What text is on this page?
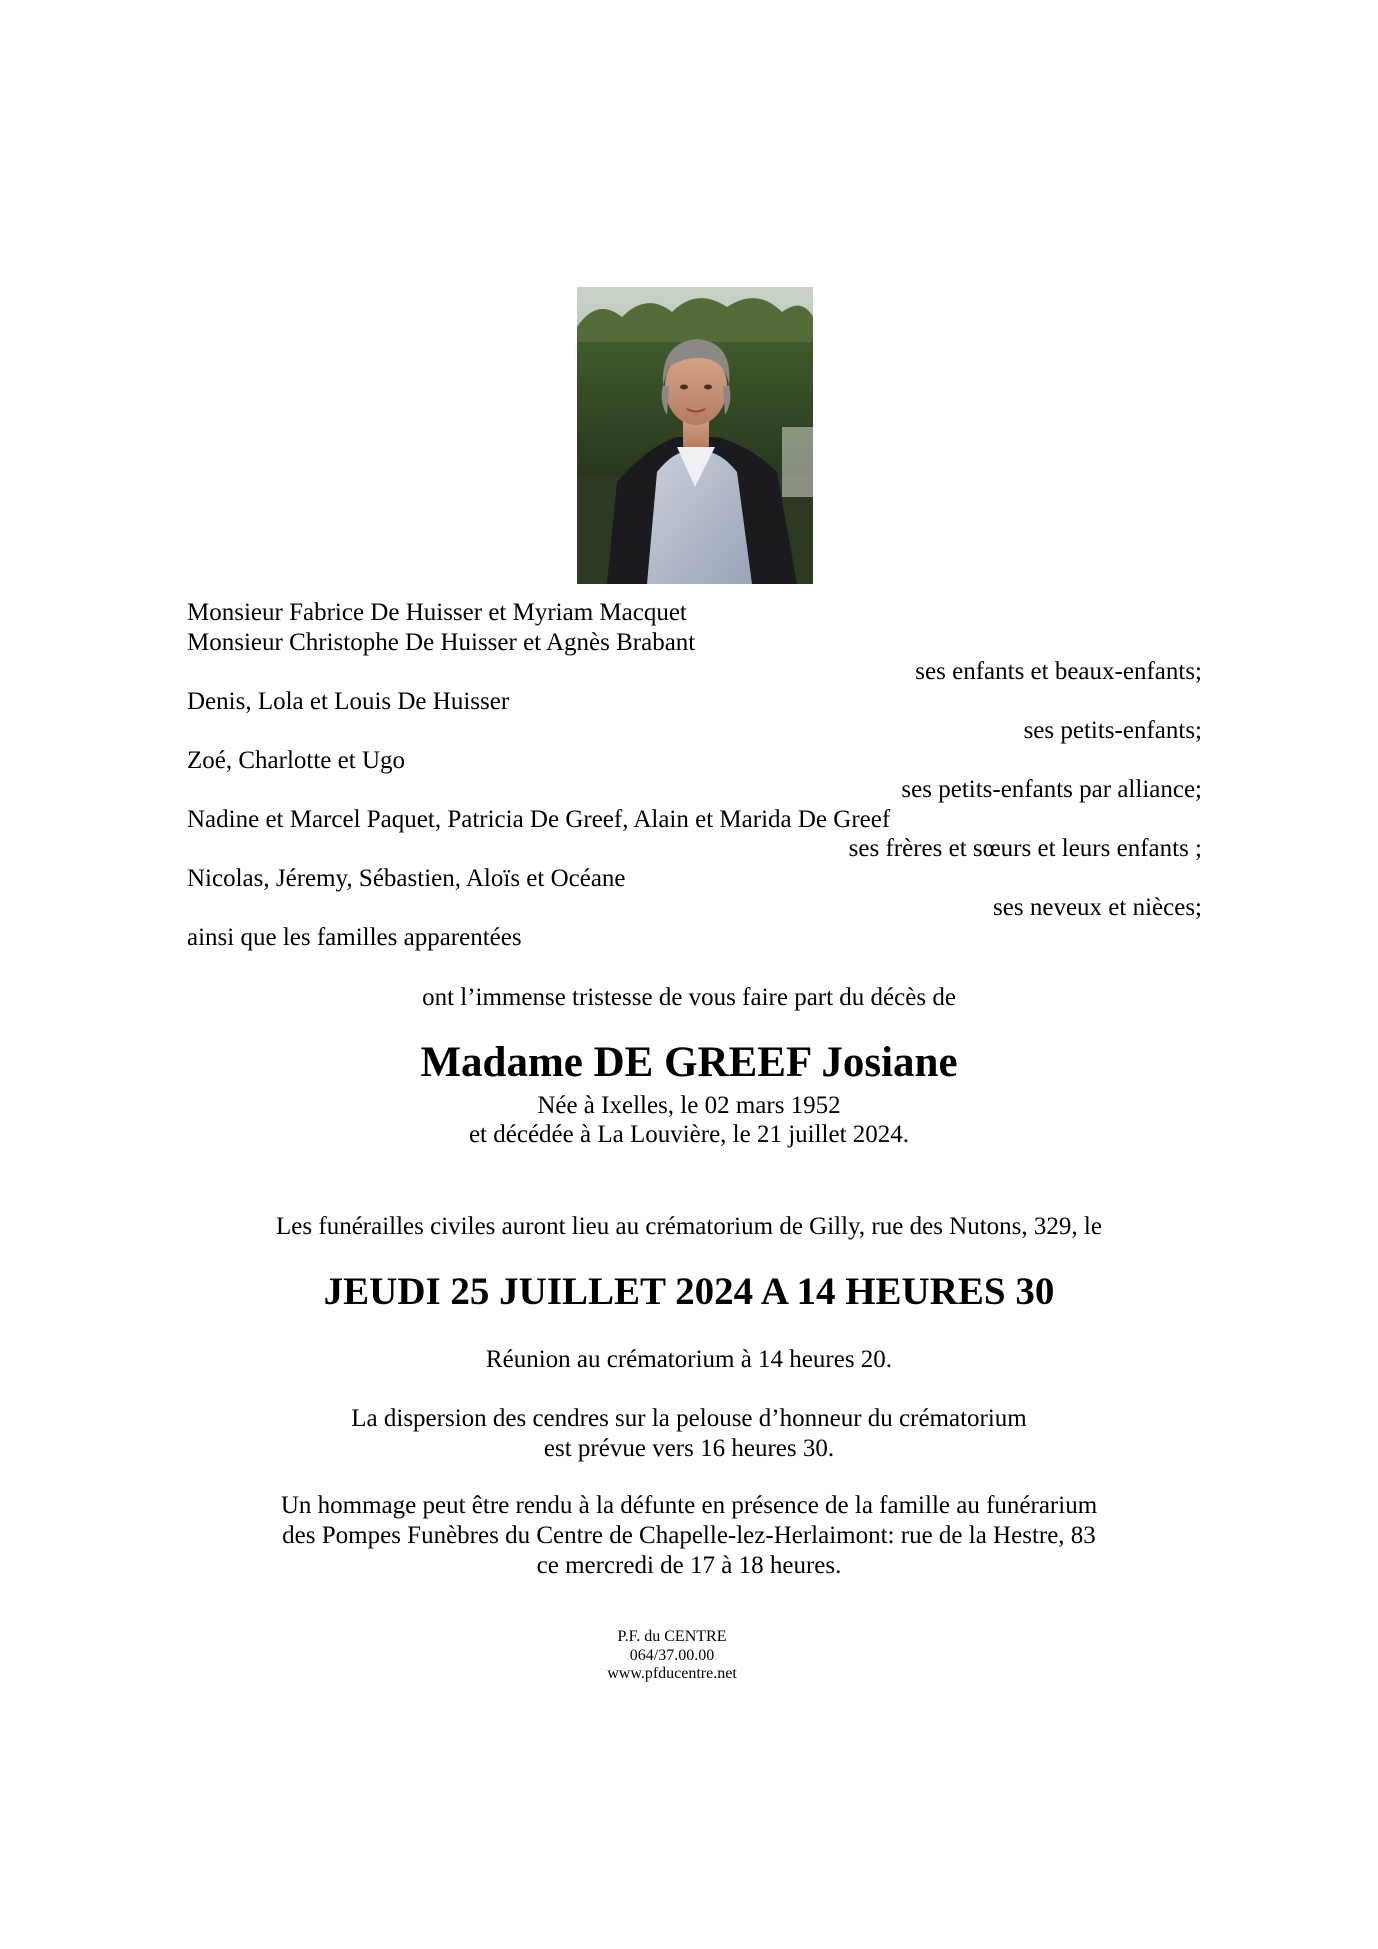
Monsieur Fabrice De Huisser et Myriam Macquet
Monsieur Christophe De Huisser et Agnès Brabant
ses enfants et beaux-enfants;
Denis, Lola et Louis De Huisser
ses petits-enfants;
Zoé, Charlotte et Ugo
ses petits-enfants par alliance;
Nadine et Marcel Paquet, Patricia De Greef, Alain et Marida De Greef
ses frères et sœurs et leurs enfants ;
Nicolas, Jéremy, Sébastien, Aloïs et Océane
ses neveux et nièces;
ainsi que les familles apparentées
ont l’immense tristesse de vous faire part du décès de
Madame DE GREEF Josiane
Née à Ixelles, le 02 mars 1952
et décédée à La Louvière, le 21 juillet 2024.
Les funérailles civiles auront lieu au crématorium de Gilly, rue des Nutons, 329, le
JEUDI 25 JUILLET 2024 A 14 HEURES 30
Réunion au crématorium à 14 heures 20.
La dispersion des cendres sur la pelouse d’honneur du crématorium
est prévue vers 16 heures 30.
Un hommage peut être rendu à la défunte en présence de la famille au funérarium
des Pompes Funèbres du Centre de Chapelle-lez-Herlaimont: rue de la Hestre, 83
ce mercredi de 17 à 18 heures.
P.F. du CENTRE
064/37.00.00
www.pfducentre.net
